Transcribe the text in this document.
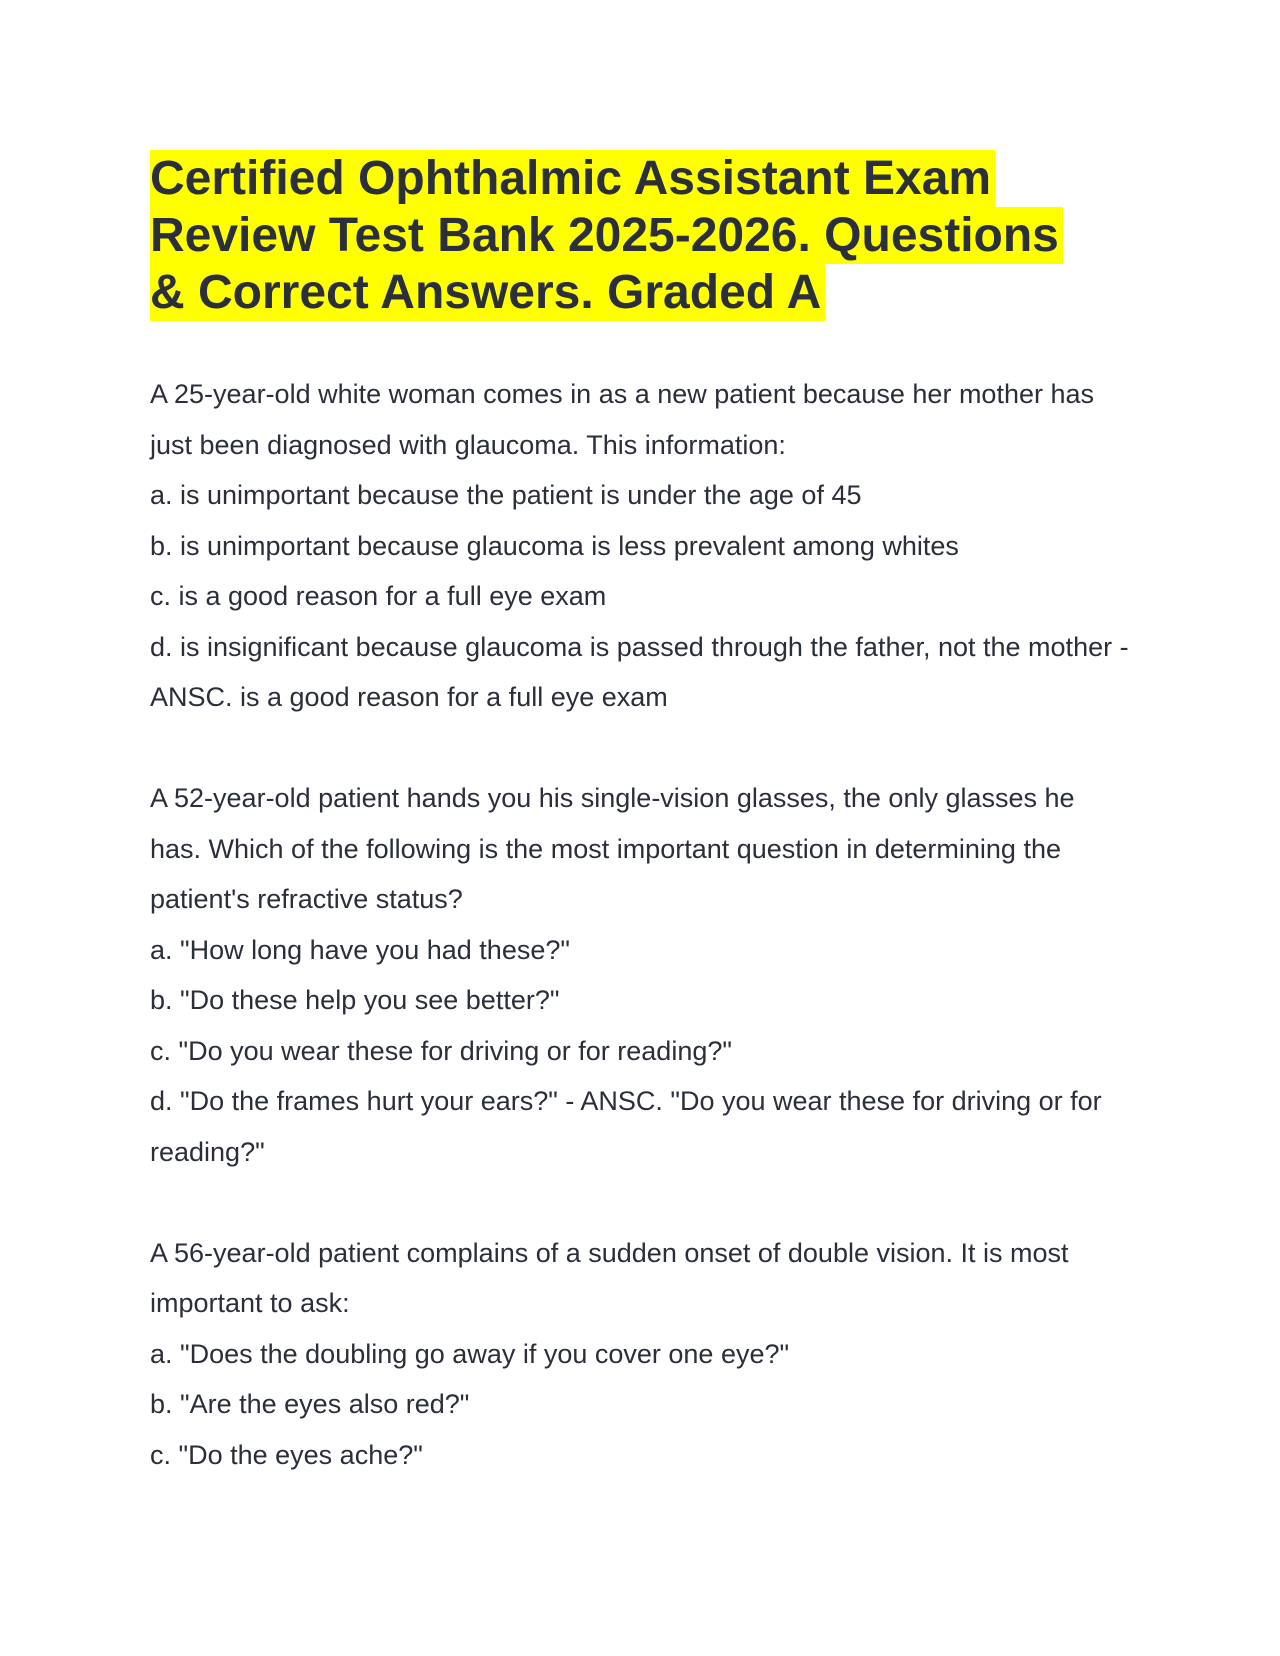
Certified Ophthalmic Assistant Exam
Review Test Bank 2025-2026. Questions
& Correct Answers. Graded A

A 25-year-old white woman comes in as a new patient because her mother has just been diagnosed with glaucoma. This information:

a. is unimportant because the patient is under the age of 45

b. is unimportant because glaucoma is less prevalent among whites

c. is a good reason for a full eye exam

d. is insignificant because glaucoma is passed through the father, not the mother - ANSC. is a good reason for a full eye exam

A 52-year-old patient hands you his single-vision glasses, the only glasses he has. Which of the following is the most important question in determining the patient's refractive status?

a. "How long have you had these?"

b. "Do these help you see better?"

c. "Do you wear these for driving or for reading?"

d. "Do the frames hurt your ears?" - ANSC. "Do you wear these for driving or for reading?"

A 56-year-old patient complains of a sudden onset of double vision. It is most important to ask:

a. "Does the doubling go away if you cover one eye?"

b. "Are the eyes also red?"

c. "Do the eyes ache?"
